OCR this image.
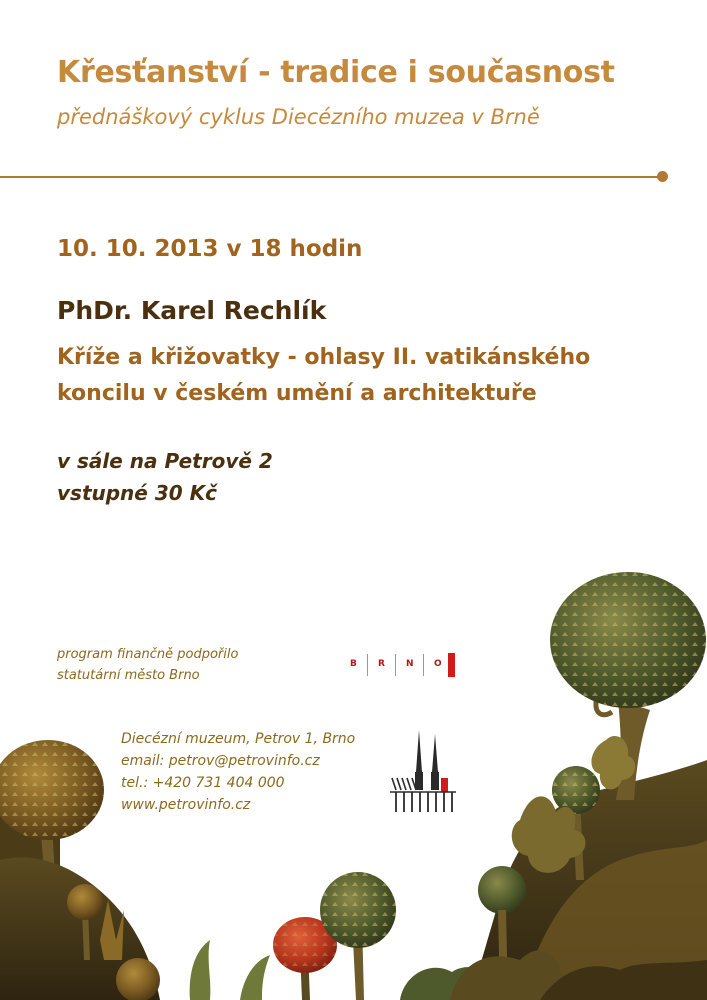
Křesťanství - tradice i současnost
přednáškový cyklus Diecézního muzea v Brně
10. 10. 2013 v 18 hodin
PhDr. Karel Rechlík
Kříže a křižovatky - ohlasy II. vatikánského
koncilu v českém umění a architektuře
v sále na Petrově 2
vstupné 30 Kč
program finančně podpořilo
statutární město Brno
B R N O
Diecézní muzeum, Petrov 1, Brno
email: petrov@petrovinfo.cz
tel.: +420 731 404 000
www.petrovinfo.cz
